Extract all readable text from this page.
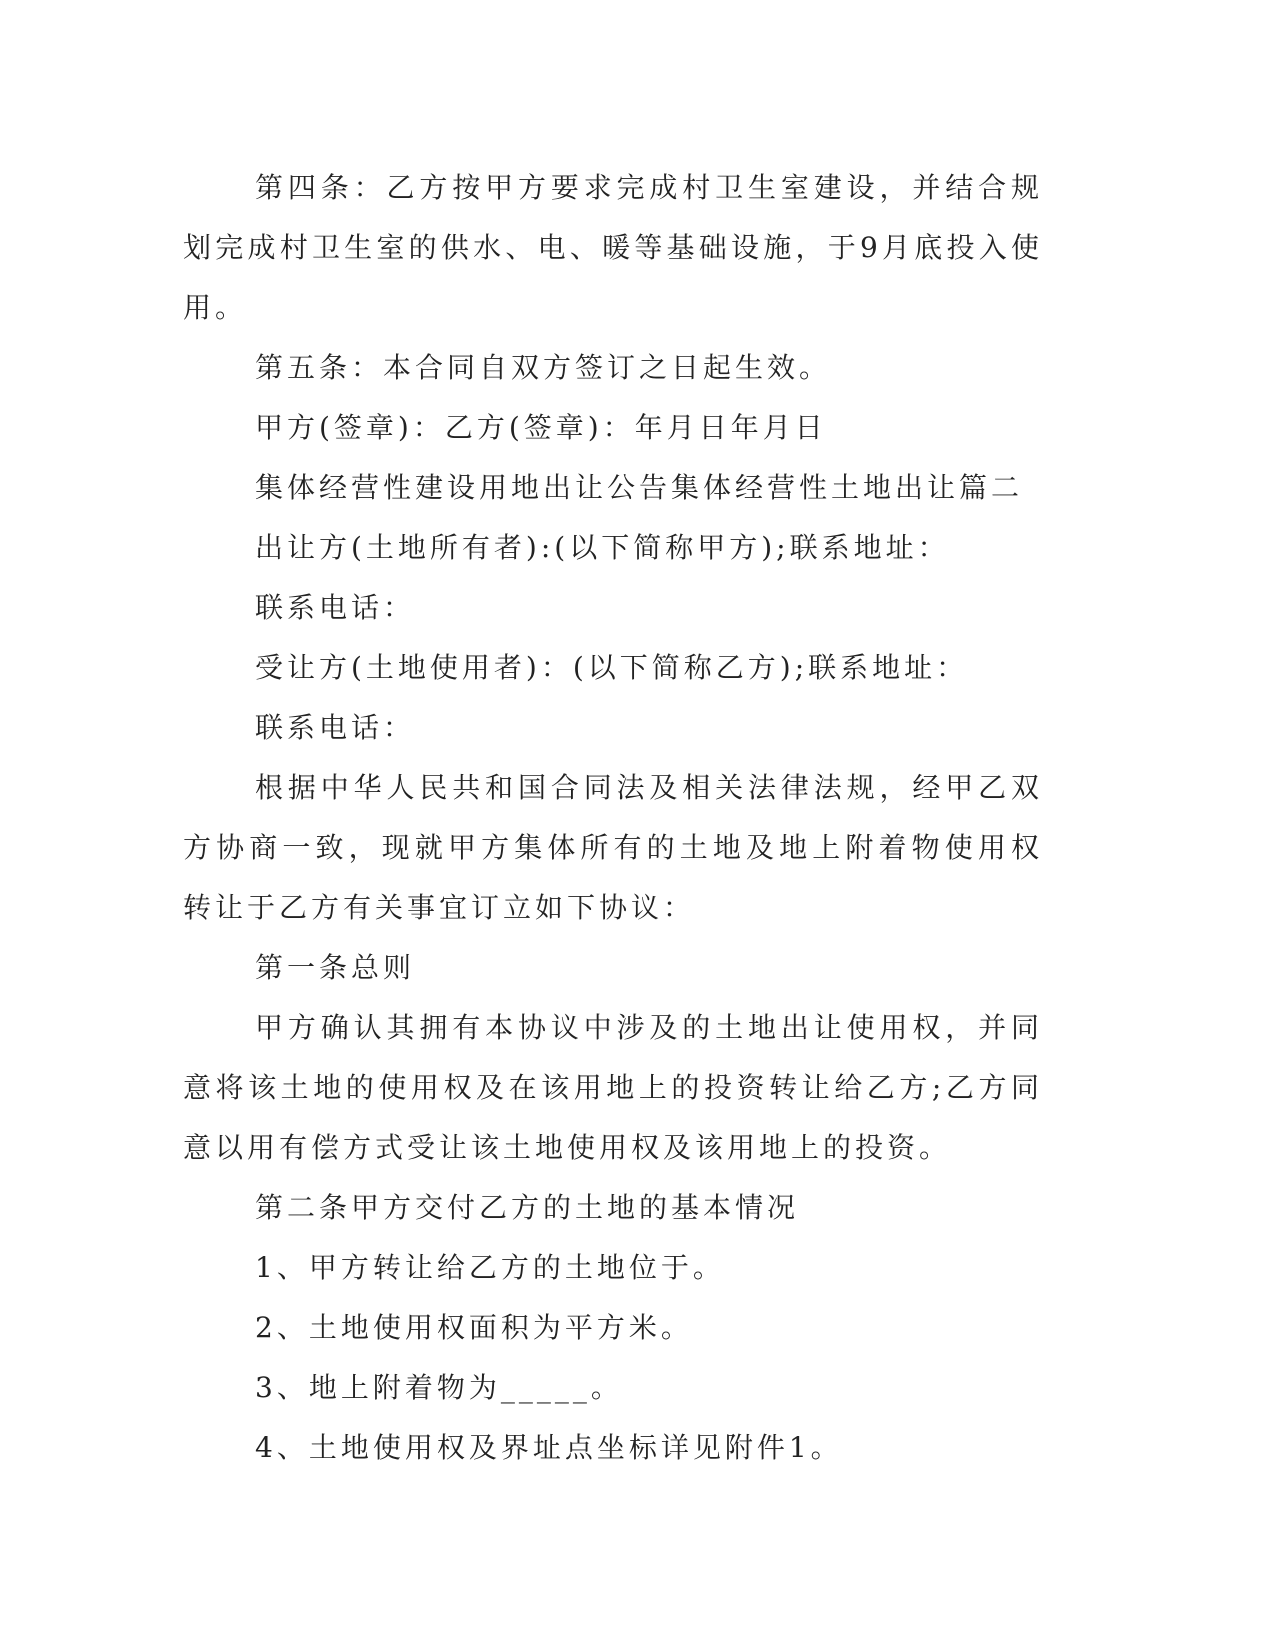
第四条：乙方按甲方要求完成村卫生室建设，并结合规划完成村卫生室的供水、电、暖等基础设施，于9月底投入使用。

第五条：本合同自双方签订之日起生效。

甲方(签章)：乙方(签章)：年月日年月日

集体经营性建设用地出让公告集体经营性土地出让篇二

出让方(土地所有者):(以下简称甲方);联系地址：

联系电话：

受让方(土地使用者)：(以下简称乙方);联系地址：

联系电话：

根据中华人民共和国合同法及相关法律法规，经甲乙双方协商一致，现就甲方集体所有的土地及地上附着物使用权转让于乙方有关事宜订立如下协议：

第一条总则

甲方确认其拥有本协议中涉及的土地出让使用权，并同意将该土地的使用权及在该用地上的投资转让给乙方;乙方同意以用有偿方式受让该土地使用权及该用地上的投资。

第二条甲方交付乙方的土地的基本情况

1、甲方转让给乙方的土地位于。

2、土地使用权面积为平方米。

3、地上附着物为_____。

4、土地使用权及界址点坐标详见附件1。
